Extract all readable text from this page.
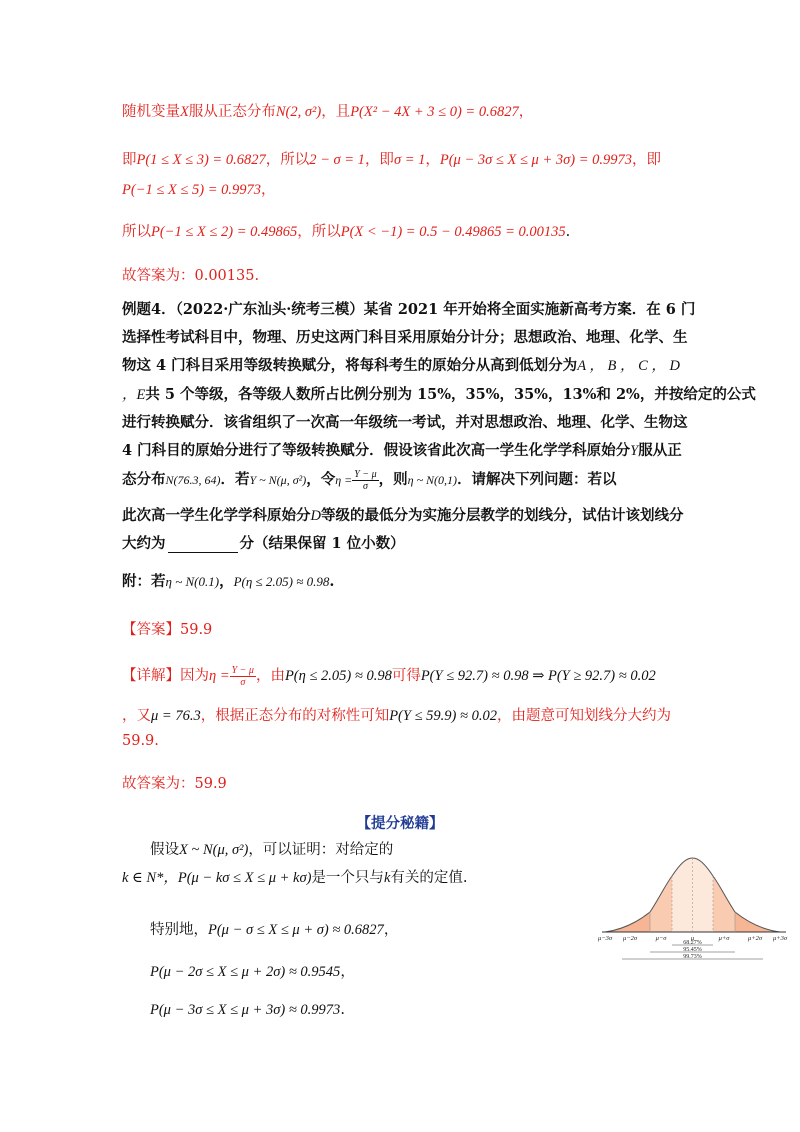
随机变量X服从正态分布N(2, σ²)，且P(X² − 4X + 3 ≤ 0) = 0.6827，
即P(1 ≤ X ≤ 3) = 0.6827，所以2 − σ = 1，即σ = 1，P(μ − 3σ ≤ X ≤ μ + 3σ) = 0.9973，即
P(−1 ≤ X ≤ 5) = 0.9973，
所以P(−1 ≤ X ≤ 2) = 0.49865，所以P(X < −1) = 0.5 − 0.49865 = 0.00135.
故答案为：0.00135.
例题4．（2022·广东汕头·统考三模）某省 2021 年开始将全面实施新高考方案．在 6 门
选择性考试科目中，物理、历史这两门科目采用原始分计分；思想政治、地理、化学、生
物这 4 门科目采用等级转换赋分，将每科考生的原始分从高到低划分为A ， B ， C ， D
，E共 5 个等级，各等级人数所占比例分别为 15%，35%，35%，13%和 2%，并按给定的公式
进行转换赋分．该省组织了一次高一年级统一考试，并对思想政治、地理、化学、生物这
4 门科目的原始分进行了等级转换赋分．假设该省此次高一学生化学学科原始分Y服从正
态分布N(76.3, 64)．若Y ~ N(μ, σ²)，令$\eta = \frac{Y - \mu}{\sigma}$ ，则η ~ N(0,1)．请解决下列问题：若以
此次高一学生化学学科原始分D等级的最低分为实施分层教学的划线分，试估计该划线分
大约为	分（结果保留 1 位小数）
附：若η ~ N(0.1)，P(η ≤ 2.05) ≈ 0.98.
【答案】59.9
【详解】因为$\eta = \frac{Y - \mu}{\sigma}$ ，由P(η ≤ 2.05) ≈ 0.98可得P(Y ≤ 92.7) ≈ 0.98 ⇒ P(Y ≥ 92.7) ≈ 0.02
，又μ = 76.3，根据正态分布的对称性可知P(Y ≤ 59.9) ≈ 0.02，由题意可知划线分大约为
59.9.
故答案为：59.9
【提分秘籍】
假设X ~ N(μ, σ²)，可以证明：对给定的
k ∈ N*，P(μ − kσ ≤ X ≤ μ + kσ)是一个只与k有关的定值.
特别地，P(μ − σ ≤ X ≤ μ + σ) ≈ 0.6827，
P(μ − 2σ ≤ X ≤ μ + 2σ) ≈ 0.9545，
P(μ − 3σ ≤ X ≤ μ + 3σ) ≈ 0.9973.
μ−3σ μ−2σ	μ−σ	μ	μ+σ	μ+2σ μ+3σ
68.27%
95.45%
99.73%
